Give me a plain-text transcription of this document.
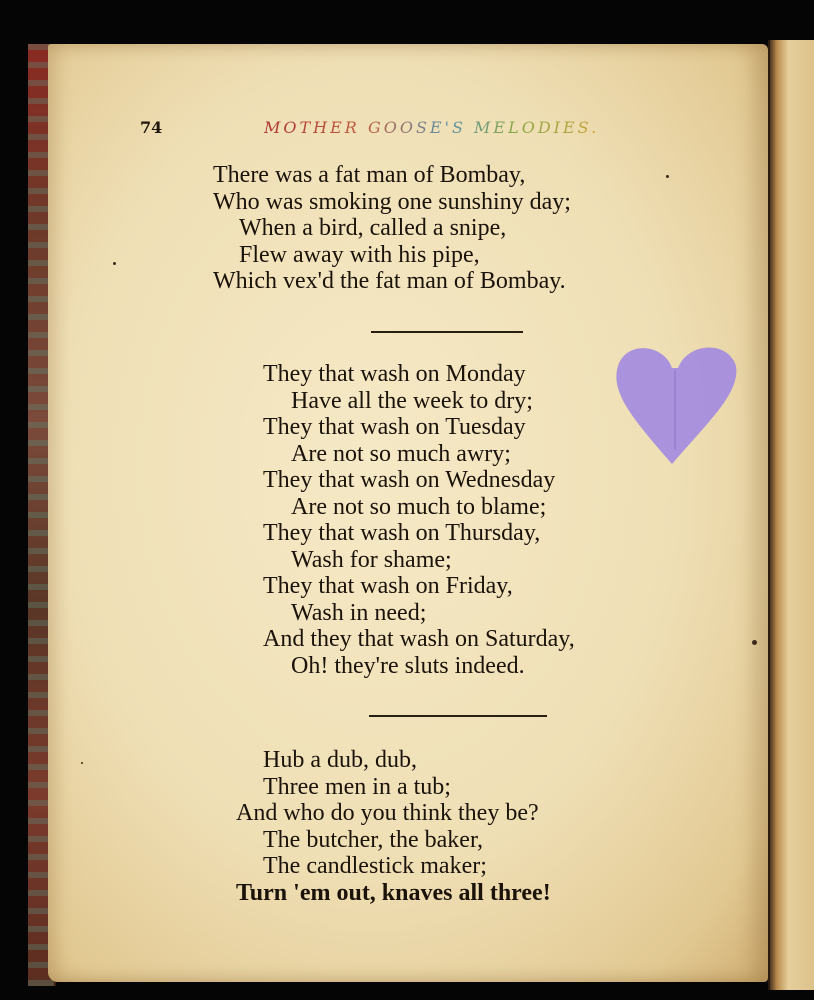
74	MOTHER GOOSE'S MELODIES.
There was a fat man of Bombay,
Who was smoking one sunshiny day;
When a bird, called a snipe,
Flew away with his pipe,
Which vex'd the fat man of Bombay.
They that wash on Monday
Have all the week to dry;
They that wash on Tuesday
Are not so much awry;
They that wash on Wednesday
Are not so much to blame;
They that wash on Thursday,
Wash for shame;
They that wash on Friday,
Wash in need;
And they that wash on Saturday,
Oh! they're sluts indeed.
Hub a dub, dub,
Three men in a tub;
And who do you think they be?
The butcher, the baker,
The candlestick maker;
Turn 'em out, knaves all three!
